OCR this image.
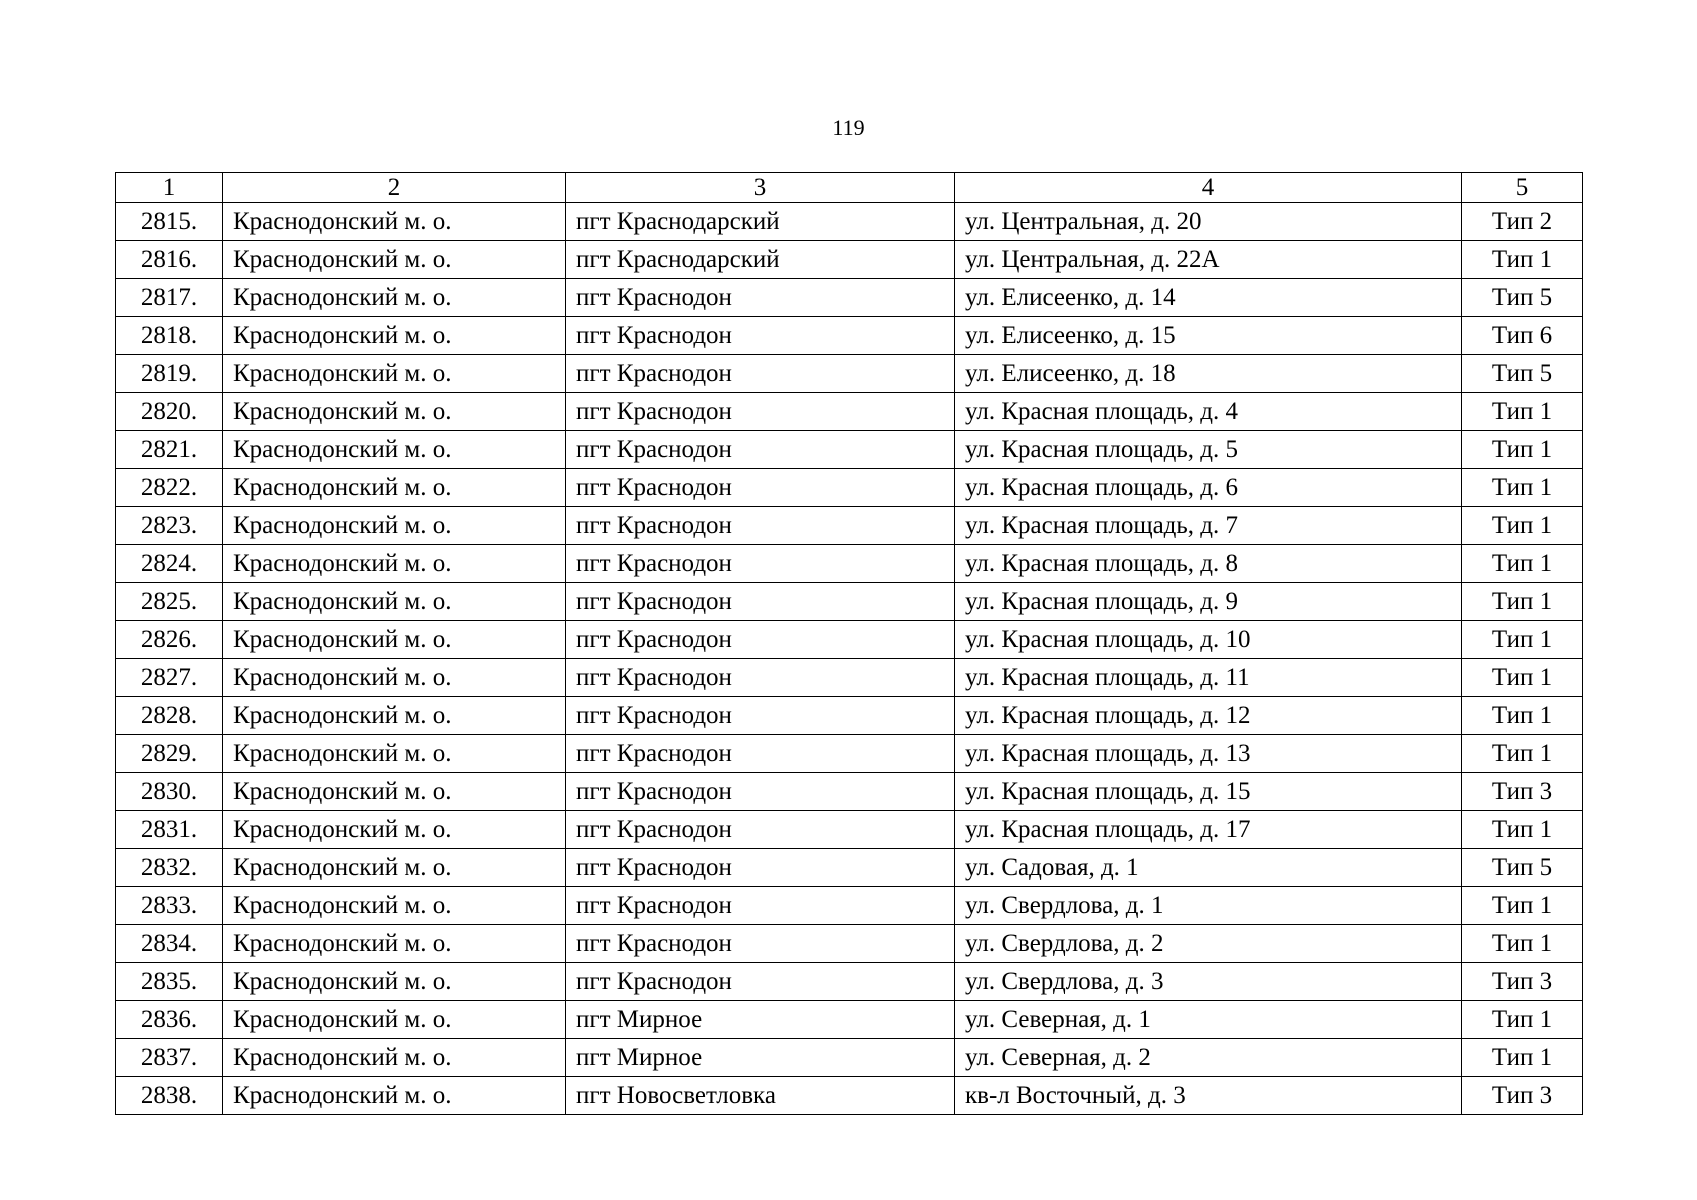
119
1	2	3	4	5
2815.	Краснодонский м. о.	пгт Краснодарский	ул. Центральная, д. 20	Тип 2
2816.	Краснодонский м. о.	пгт Краснодарский	ул. Центральная, д. 22А	Тип 1
2817.	Краснодонский м. о.	пгт Краснодон	ул. Елисеенко, д. 14	Тип 5
2818.	Краснодонский м. о.	пгт Краснодон	ул. Елисеенко, д. 15	Тип 6
2819.	Краснодонский м. о.	пгт Краснодон	ул. Елисеенко, д. 18	Тип 5
2820.	Краснодонский м. о.	пгт Краснодон	ул. Красная площадь, д. 4	Тип 1
2821.	Краснодонский м. о.	пгт Краснодон	ул. Красная площадь, д. 5	Тип 1
2822.	Краснодонский м. о.	пгт Краснодон	ул. Красная площадь, д. 6	Тип 1
2823.	Краснодонский м. о.	пгт Краснодон	ул. Красная площадь, д. 7	Тип 1
2824.	Краснодонский м. о.	пгт Краснодон	ул. Красная площадь, д. 8	Тип 1
2825.	Краснодонский м. о.	пгт Краснодон	ул. Красная площадь, д. 9	Тип 1
2826.	Краснодонский м. о.	пгт Краснодон	ул. Красная площадь, д. 10	Тип 1
2827.	Краснодонский м. о.	пгт Краснодон	ул. Красная площадь, д. 11	Тип 1
2828.	Краснодонский м. о.	пгт Краснодон	ул. Красная площадь, д. 12	Тип 1
2829.	Краснодонский м. о.	пгт Краснодон	ул. Красная площадь, д. 13	Тип 1
2830.	Краснодонский м. о.	пгт Краснодон	ул. Красная площадь, д. 15	Тип 3
2831.	Краснодонский м. о.	пгт Краснодон	ул. Красная площадь, д. 17	Тип 1
2832.	Краснодонский м. о.	пгт Краснодон	ул. Садовая, д. 1	Тип 5
2833.	Краснодонский м. о.	пгт Краснодон	ул. Свердлова, д. 1	Тип 1
2834.	Краснодонский м. о.	пгт Краснодон	ул. Свердлова, д. 2	Тип 1
2835.	Краснодонский м. о.	пгт Краснодон	ул. Свердлова, д. 3	Тип 3
2836.	Краснодонский м. о.	пгт Мирное	ул. Северная, д. 1	Тип 1
2837.	Краснодонский м. о.	пгт Мирное	ул. Северная, д. 2	Тип 1
2838.	Краснодонский м. о.	пгт Новосветловка	кв-л Восточный, д. 3	Тип 3
